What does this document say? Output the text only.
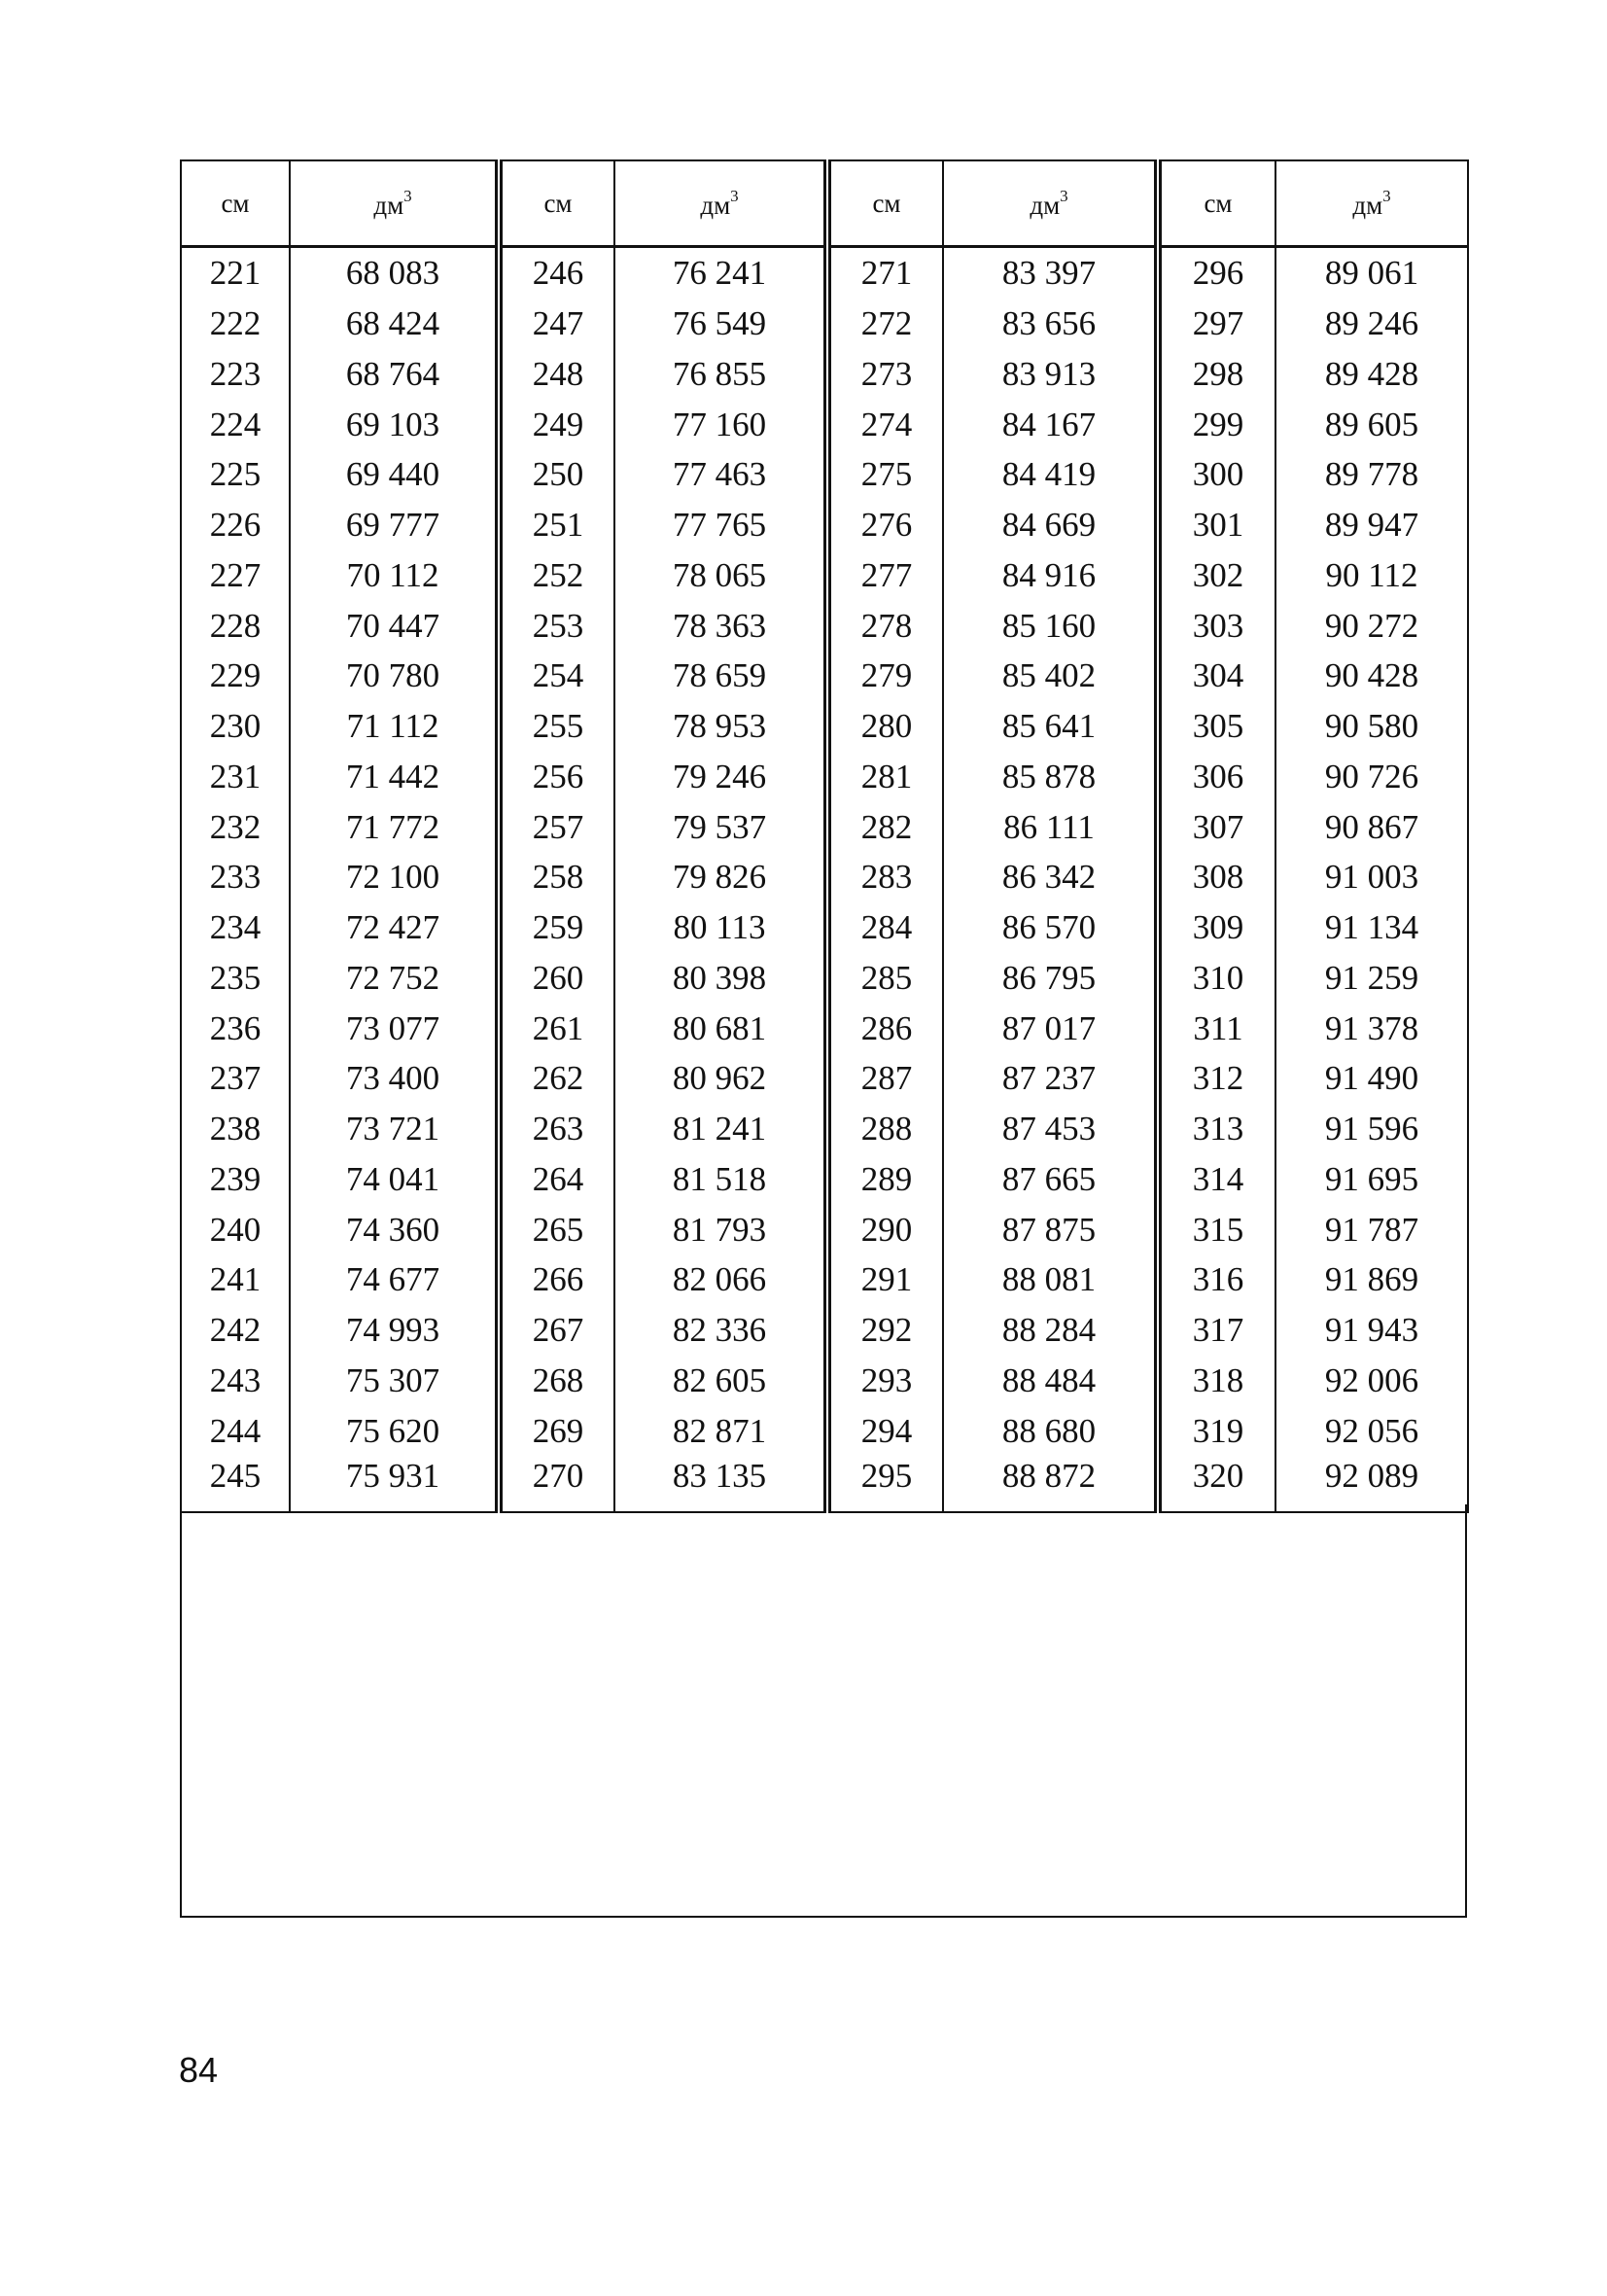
см	$дм^3$	см	$дм^3$	см	$дм^3$	см	$дм^3$
221	68 083	246	76 241	271	83 397	296	89 061
222	68 424	247	76 549	272	83 656	297	89 246
223	68 764	248	76 855	273	83 913	298	89 428
224	69 103	249	77 160	274	84 167	299	89 605
225	69 440	250	77 463	275	84 419	300	89 778
226	69 777	251	77 765	276	84 669	301	89 947
227	70 112	252	78 065	277	84 916	302	90 112
228	70 447	253	78 363	278	85 160	303	90 272
229	70 780	254	78 659	279	85 402	304	90 428
230	71 112	255	78 953	280	85 641	305	90 580
231	71 442	256	79 246	281	85 878	306	90 726
232	71 772	257	79 537	282	86 111	307	90 867
233	72 100	258	79 826	283	86 342	308	91 003
234	72 427	259	80 113	284	86 570	309	91 134
235	72 752	260	80 398	285	86 795	310	91 259
236	73 077	261	80 681	286	87 017	311	91 378
237	73 400	262	80 962	287	87 237	312	91 490
238	73 721	263	81 241	288	87 453	313	91 596
239	74 041	264	81 518	289	87 665	314	91 695
240	74 360	265	81 793	290	87 875	315	91 787
241	74 677	266	82 066	291	88 081	316	91 869
242	74 993	267	82 336	292	88 284	317	91 943
243	75 307	268	82 605	293	88 484	318	92 006
244	75 620	269	82 871	294	88 680	319	92 056
245	75 931	270	83 135	295	88 872	320	92 089
84
